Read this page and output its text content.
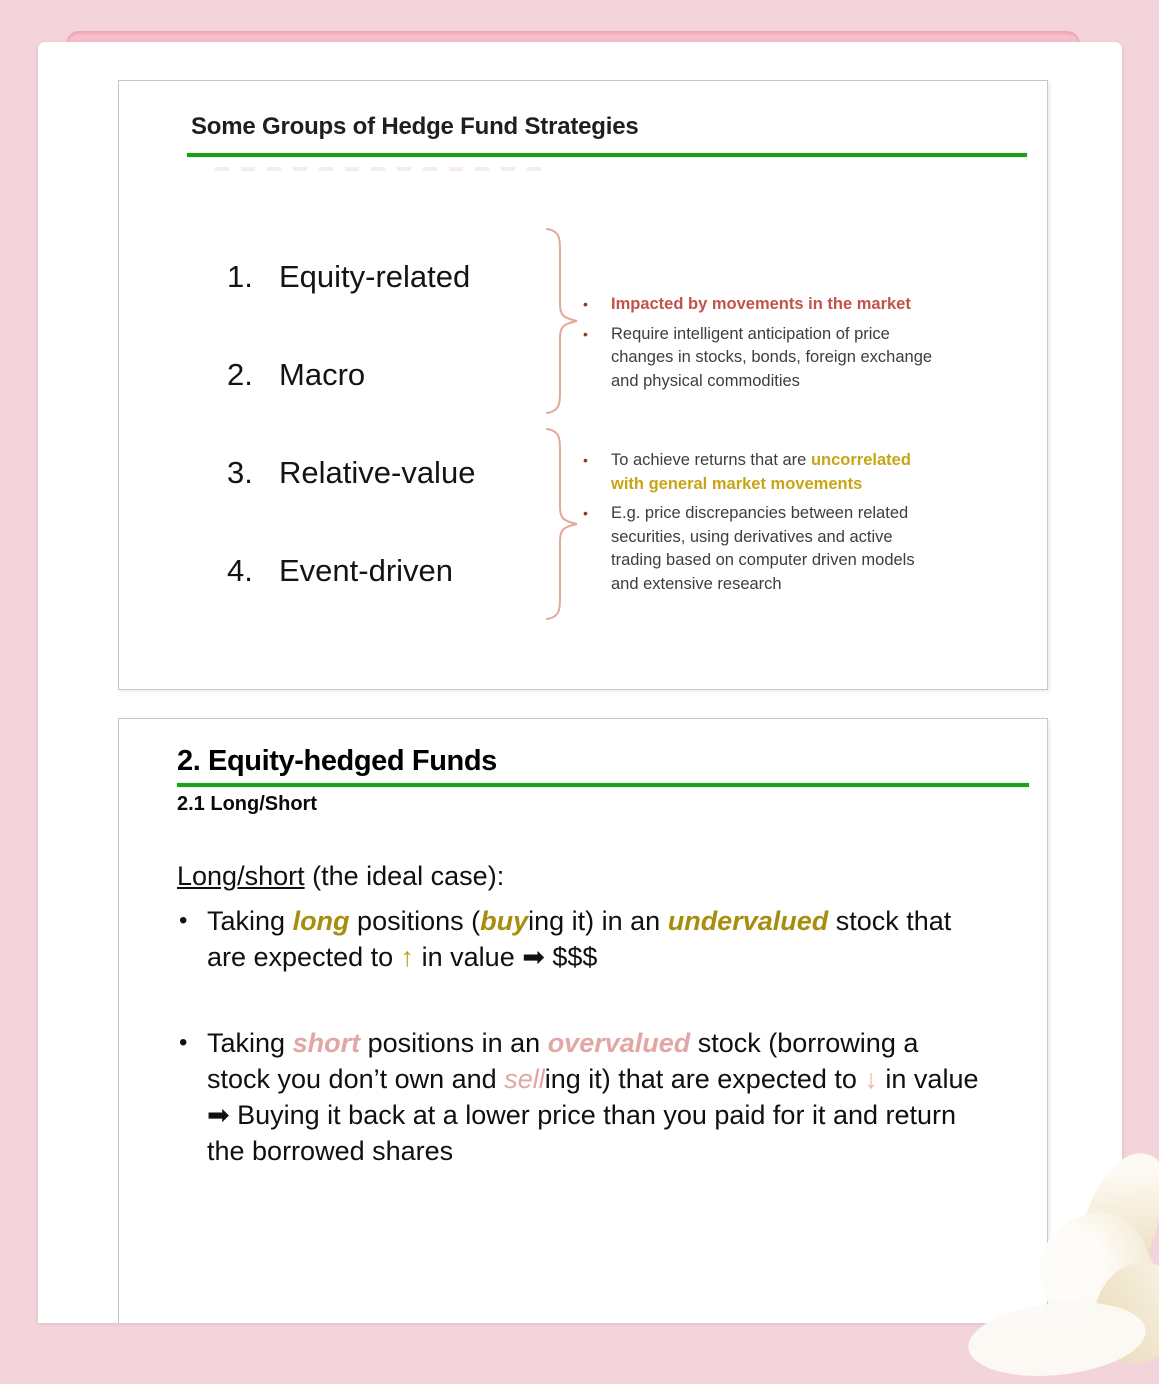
Some Groups of Hedge Fund Strategies
1. Equity-related
2. Macro
3. Relative-value
4. Event-driven
•	Impacted by movements in the market
•	Require intelligent anticipation of price changes in stocks, bonds, foreign exchange and physical commodities
•	To achieve returns that are uncorrelated with general market movements
•	E.g. price discrepancies between related securities, using derivatives and active trading based on computer driven models and extensive research
2. Equity-hedged Funds
2.1 Long/Short
Long/short (the ideal case):
• Taking long positions (buying it) in an undervalued stock that are expected to ↑ in value ➡ $$$
• Taking short positions in an overvalued stock (borrowing a stock you don’t own and selling it) that are expected to ↓ in value ➡ Buying it back at a lower price than you paid for it and return the borrowed shares
